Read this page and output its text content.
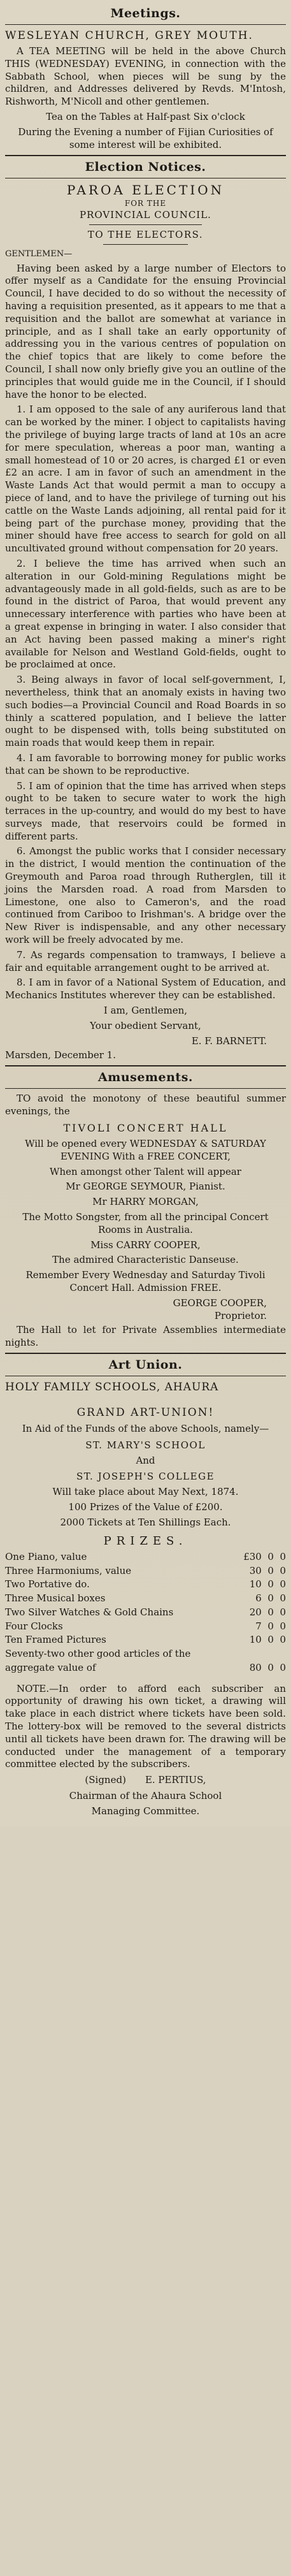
Meetings.
WESLEYAN CHURCH, GREY MOUTH.

A TEA MEETING will be held in the above Church THIS (WEDNESDAY) EVENING, in connection with the Sabbath School, when pieces will be sung by the children, and Addresses delivered by Revds. M'Intosh, Rishworth, M'Nicoll and other gentlemen.

Tea on the Tables at Half-past Six o'clock

During the Evening a number of Fijian Curiosities of some interest will be exhibited.

Election Notices.
PAROA ELECTION
FOR THE
PROVINCIAL COUNCIL.
TO THE ELECTORS.

GENTLEMEN—

Having been asked by a large number of Electors to offer myself as a Candidate for the ensuing Provincial Council, I have decided to do so without the necessity of having a requisition presented, as it appears to me that a requisition and the ballot are somewhat at variance in principle, and as I shall take an early opportunity of addressing you in the various centres of population on the chief topics that are likely to come before the Council, I shall now only briefly give you an outline of the principles that would guide me in the Council, if I should have the honor to be elected.

1. I am opposed to the sale of any auriferous land that can be worked by the miner. I object to capitalists having the privilege of buying large tracts of land at 10s an acre for mere speculation, whereas a poor man, wanting a small homestead of 10 or 20 acres, is charged £1 or even £2 an acre. I am in favor of such an amendment in the Waste Lands Act that would permit a man to occupy a piece of land, and to have the privilege of turning out his cattle on the Waste Lands adjoining, all rental paid for it being part of the purchase money, providing that the miner should have free access to search for gold on all uncultivated ground without compensation for 20 years.

2. I believe the time has arrived when such an alteration in our Gold-mining Regulations might be advantageously made in all gold-fields, such as are to be found in the district of Paroa, that would prevent any unnecessary interference with parties who have been at a great expense in bringing in water. I also consider that an Act having been passed making a miner's right available for Nelson and Westland Gold-fields, ought to be proclaimed at once.

3. Being always in favor of local self-government, I, nevertheless, think that an anomaly exists in having two such bodies—a Provincial Council and Road Boards in so thinly a scattered population, and I believe the latter ought to be dispensed with, tolls being substituted on main roads that would keep them in repair.

4. I am favorable to borrowing money for public works that can be shown to be reproductive.

5. I am of opinion that the time has arrived when steps ought to be taken to secure water to work the high terraces in the up-country, and would do my best to have surveys made, that reservoirs could be formed in different parts.

6. Amongst the public works that I consider necessary in the district, I would mention the continuation of the Greymouth and Paroa road through Rutherglen, till it joins the Marsden road. A road from Marsden to Limestone, one also to Cameron's, and the road continued from Cariboo to Irishman's. A bridge over the New River is indispensable, and any other necessary work will be freely advocated by me.

7. As regards compensation to tramways, I believe a fair and equitable arrangement ought to be arrived at.

8. I am in favor of a National System of Education, and Mechanics Institutes wherever they can be established.

I am, Gentlemen,

Your obedient Servant,

E. F. BARNETT.

Marsden, December 1.

Amusements.

TO avoid the monotony of these beautiful summer evenings, the

TIVOLI CONCERT HALL

Will be opened every WEDNESDAY & SATURDAY EVENING With a FREE CONCERT,

When amongst other Talent will appear

Mr GEORGE SEYMOUR, Pianist.

Mr HARRY MORGAN,

The Motto Songster, from all the principal Concert Rooms in Australia.

Miss CARRY COOPER,

The admired Characteristic Danseuse.

Remember Every Wednesday and Saturday Tivoli Concert Hall. Admission FREE.

GEORGE COOPER,
Proprietor.

The Hall to let for Private Assemblies intermediate nights.

Art Union.

HOLY FAMILY SCHOOLS, AHAURA

GRAND ART-UNION!

In Aid of the Funds of the above Schools, namely—

ST. MARY'S SCHOOL

And

ST. JOSEPH'S COLLEGE

Will take place about May Next, 1874.

100 Prizes of the Value of £200.

2000 Tickets at Ten Shillings Each.

PRIZES.
One Piano, value	£30  0  0
Three Harmoniums, value	30  0  0
Two Portative do.	10  0  0
Three Musical boxes	6  0  0
Two Silver Watches & Gold Chains	20  0  0
Four Clocks	7  0  0
Ten Framed Pictures	10  0  0
Seventy-two other good articles of the aggregate value of	80  0  0

NOTE.—In order to afford each subscriber an opportunity of drawing his own ticket, a drawing will take place in each district where tickets have been sold. The lottery-box will be removed to the several districts until all tickets have been drawn for. The drawing will be conducted under the management of a temporary committee elected by the subscribers.

(Signed) E. PERTIUS,

Chairman of the Ahaura School

Managing Committee.
